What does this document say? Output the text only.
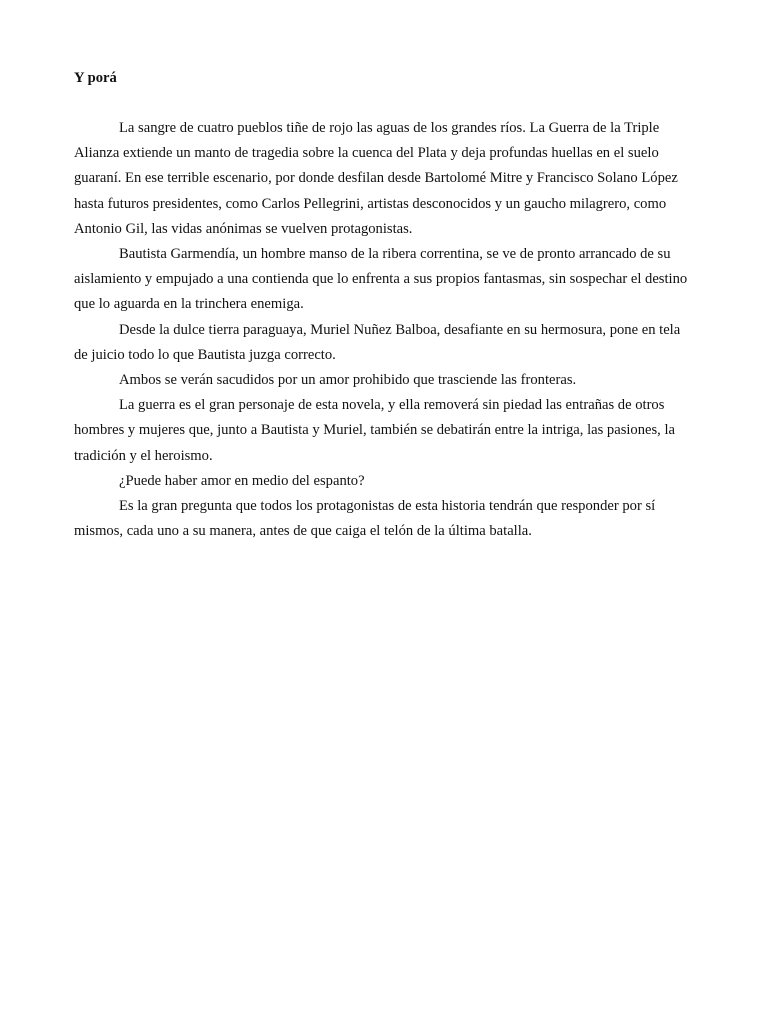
Y porá

La sangre de cuatro pueblos tiñe de rojo las aguas de los grandes ríos. La Guerra de la Triple Alianza extiende un manto de tragedia sobre la cuenca del Plata y deja profundas huellas en el suelo guaraní. En ese terrible escenario, por donde desfilan desde Bartolomé Mitre y Francisco Solano López hasta futuros presidentes, como Carlos Pellegrini, artistas desconocidos y un gaucho milagrero, como Antonio Gil, las vidas anónimas se vuelven protagonistas.

Bautista Garmendía, un hombre manso de la ribera correntina, se ve de pronto arrancado de su aislamiento y empujado a una contienda que lo enfrenta a sus propios fantasmas, sin sospechar el destino que lo aguarda en la trinchera enemiga.

Desde la dulce tierra paraguaya, Muriel Nuñez Balboa, desafiante en su hermosura, pone en tela de juicio todo lo que Bautista juzga correcto.

Ambos se verán sacudidos por un amor prohibido que trasciende las fronteras.

La guerra es el gran personaje de esta novela, y ella removerá sin piedad las entrañas de otros hombres y mujeres que, junto a Bautista y Muriel, también se debatirán entre la intriga, las pasiones, la tradición y el heroismo.

¿Puede haber amor en medio del espanto?

Es la gran pregunta que todos los protagonistas de esta historia tendrán que responder por sí mismos, cada uno a su manera, antes de que caiga el telón de la última batalla.
